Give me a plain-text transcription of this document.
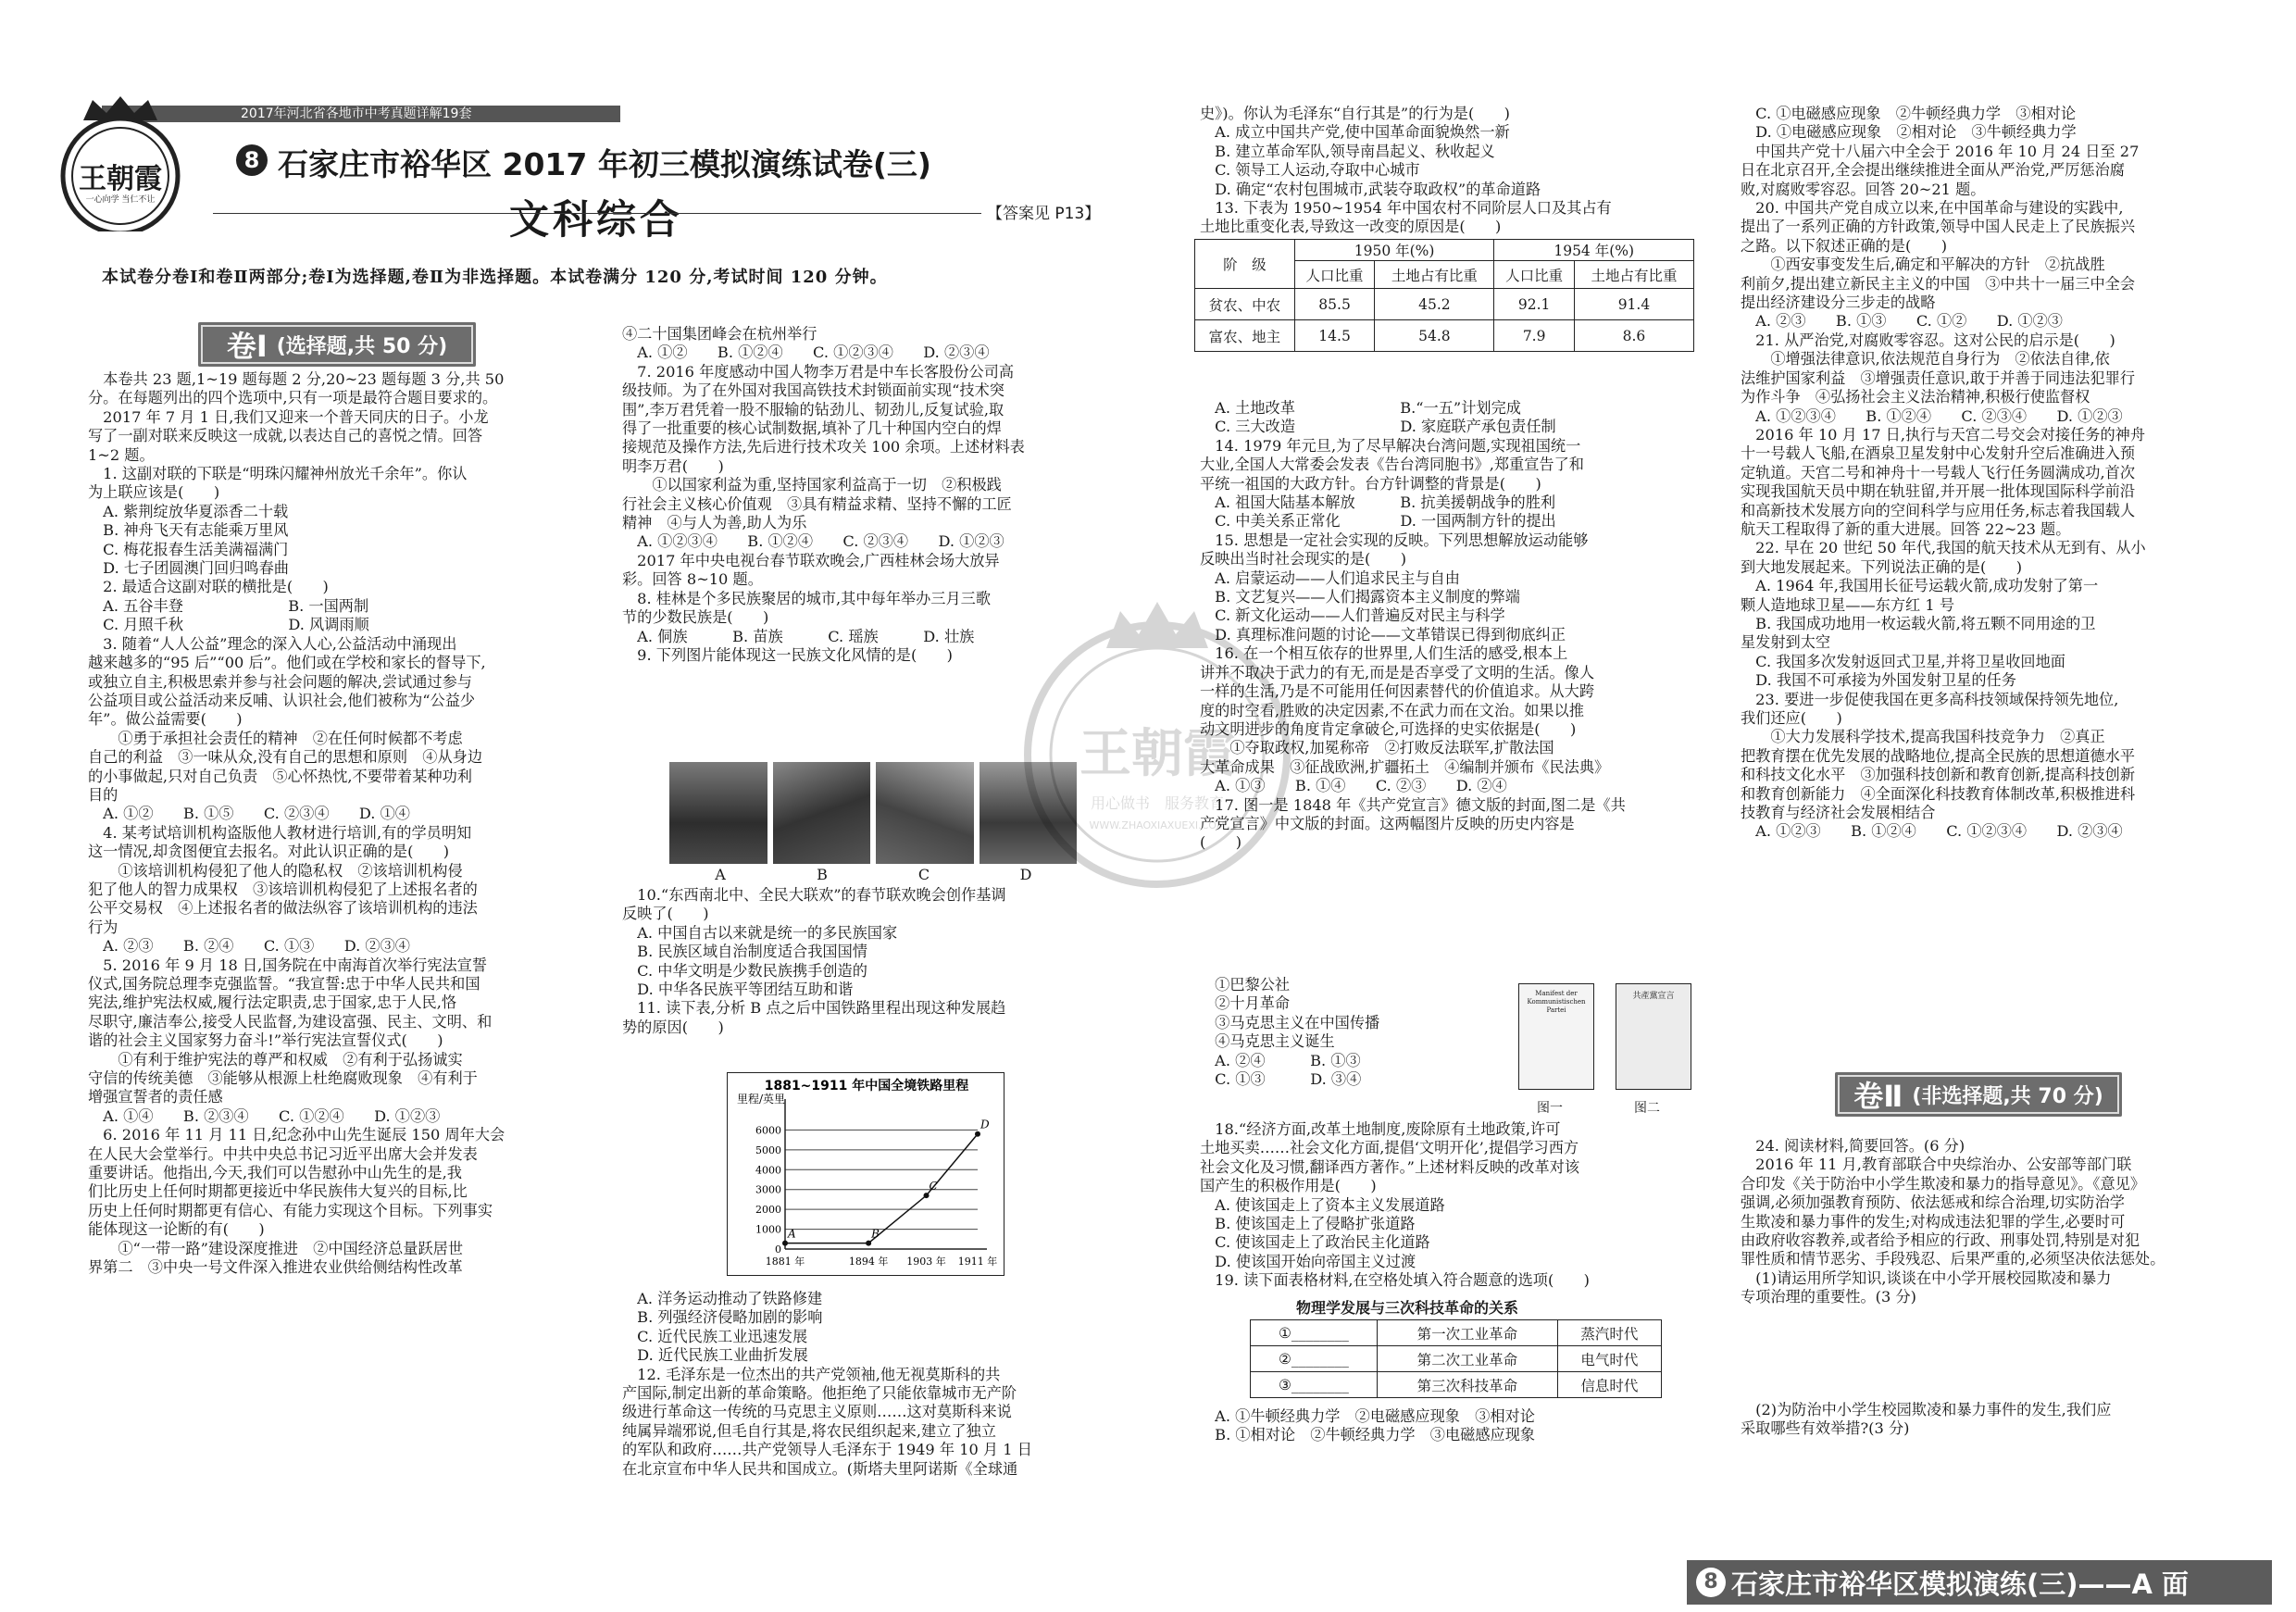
2017年河北省各地市中考真题详解19套
王朝霞
一心向学 当仁不让
8 石家庄市裕华区 2017 年初三模拟演练试卷(三)
文科综合	【答案见 P13】
本试卷分卷Ⅰ和卷Ⅱ两部分;卷Ⅰ为选择题,卷Ⅱ为非选择题。本试卷满分 120 分,考试时间 120 分钟。
卷Ⅰ (选择题,共 50 分)

　本卷共 23 题,1~19 题每题 2 分,20~23 题每题 3 分,共 50

分。在每题列出的四个选项中,只有一项是最符合题目要求的。

　2017 年 7 月 1 日,我们又迎来一个普天同庆的日子。小龙

写了一副对联来反映这一成就,以表达自己的喜悦之情。回答

1~2 题。

　1. 这副对联的下联是“明珠闪耀神州放光千余年”。你认

为上联应该是(　　)

　A. 紫荆绽放华夏添香二十载

　B. 神舟飞天有志能乘万里风

　C. 梅花报春生活美满福满门

　D. 七子团圆澳门回归鸣春曲

　2. 最适合这副对联的横批是(　　)

　A. 五谷丰登　　　　　　　B. 一国两制

　C. 月照千秋　　　　　　　D. 风调雨顺

　3. 随着“人人公益”理念的深入人心,公益活动中涌现出

越来越多的“95 后”“00 后”。他们或在学校和家长的督导下,

或独立自主,积极思索并参与社会问题的解决,尝试通过参与

公益项目或公益活动来反哺、认识社会,他们被称为“公益少

年”。做公益需要(　　)

　　①勇于承担社会责任的精神　②在任何时候都不考虑

自己的利益　③一味从众,没有自己的思想和原则　④从身边

的小事做起,只对自己负责　⑤心怀热忱,不要带着某种功利

目的

　A. ①②　　B. ①⑤　　C. ②③④　　D. ①④

　4. 某考试培训机构盗版他人教材进行培训,有的学员明知

这一情况,却贪图便宜去报名。对此认识正确的是(　　)

　　①该培训机构侵犯了他人的隐私权　②该培训机构侵

犯了他人的智力成果权　③该培训机构侵犯了上述报名者的

公平交易权　④上述报名者的做法纵容了该培训机构的违法

行为

　A. ②③　　B. ②④　　C. ①③　　D. ②③④

　5. 2016 年 9 月 18 日,国务院在中南海首次举行宪法宣誓

仪式,国务院总理李克强监誓。“我宣誓:忠于中华人民共和国

宪法,维护宪法权威,履行法定职责,忠于国家,忠于人民,恪

尽职守,廉洁奉公,接受人民监督,为建设富强、民主、文明、和

谐的社会主义国家努力奋斗!”举行宪法宣誓仪式(　　)

　　①有利于维护宪法的尊严和权威　②有利于弘扬诚实

守信的传统美德　③能够从根源上杜绝腐败现象　④有利于

增强宣誓者的责任感

　A. ①④　　B. ②③④　　C. ①②④　　D. ①②③

　6. 2016 年 11 月 11 日,纪念孙中山先生诞辰 150 周年大会

在人民大会堂举行。中共中央总书记习近平出席大会并发表

重要讲话。他指出,今天,我们可以告慰孙中山先生的是,我

们比历史上任何时期都更接近中华民族伟大复兴的目标,比

历史上任何时期都更有信心、有能力实现这个目标。下列事实

能体现这一论断的有(　　)

　　①“一带一路”建设深度推进　②中国经济总量跃居世

界第二　③中央一号文件深入推进农业供给侧结构性改革

④二十国集团峰会在杭州举行

　A. ①②　　B. ①②④　　C. ①②③④　　D. ②③④

　7. 2016 年度感动中国人物李万君是中车长客股份公司高

级技师。为了在外国对我国高铁技术封锁面前实现“技术突

围”,李万君凭着一股不服输的钻劲儿、韧劲儿,反复试验,取

得了一批重要的核心试制数据,填补了几十种国内空白的焊

接规范及操作方法,先后进行技术攻关 100 余项。上述材料表

明李万君(　　)

　　①以国家利益为重,坚持国家利益高于一切　②积极践

行社会主义核心价值观　③具有精益求精、坚持不懈的工匠

精神　④与人为善,助人为乐

　A. ①②③④　　B. ①②④　　C. ②③④　　D. ①②③

　2017 年中央电视台春节联欢晚会,广西桂林会场大放异

彩。回答 8~10 题。

　8. 桂林是个多民族聚居的城市,其中每年举办三月三歌

节的少数民族是(　　)

　A. 侗族　　　B. 苗族　　　C. 瑶族　　　D. 壮族

　9. 下列图片能体现这一民族文化风情的是(　　)

A	B	C	D

　10.“东西南北中、全民大联欢”的春节联欢晚会创作基调

反映了(　　)

　A. 中国自古以来就是统一的多民族国家

　B. 民族区域自治制度适合我国国情

　C. 中华文明是少数民族携手创造的

　D. 中华各民族平等团结互助和谐

　11. 读下表,分析 B 点之后中国铁路里程出现这种发展趋

势的原因(　　)

1881~1911 年中国全境铁路里程
里程/英里
1000
2000
3000
4000
5000
6000
0
1881 年	1894 年 1903 年 1911 年
A	B
C
D

　A. 洋务运动推动了铁路修建

　B. 列强经济侵略加剧的影响

　C. 近代民族工业迅速发展

　D. 近代民族工业曲折发展

　12. 毛泽东是一位杰出的共产党领袖,他无视莫斯科的共

产国际,制定出新的革命策略。他拒绝了只能依靠城市无产阶

级进行革命这一传统的马克思主义原则……这对莫斯科来说

纯属异端邪说,但毛自行其是,将农民组织起来,建立了独立

的军队和政府……共产党领导人毛泽东于 1949 年 10 月 1 日

在北京宣布中华人民共和国成立。(斯塔夫里阿诺斯《全球通

史》)。你认为毛泽东“自行其是”的行为是(　　)

　A. 成立中国共产党,使中国革命面貌焕然一新

　B. 建立革命军队,领导南昌起义、秋收起义

　C. 领导工人运动,夺取中心城市

　D. 确定“农村包围城市,武装夺取政权”的革命道路

　13. 下表为 1950~1954 年中国农村不同阶层人口及其占有

土地比重变化表,导致这一改变的原因是(　　)

阶　级	1950 年(%)		1954 年(%)	
	人口比重	土地占有比重	人口比重	土地占有比重
贫农、中农	85.5	45.2	92.1	91.4
富农、地主	14.5	54.8	7.9	8.6

　A. 土地改革　　　　　　　B.“一五”计划完成

　C. 三大改造　　　　　　　D. 家庭联产承包责任制

　14. 1979 年元旦,为了尽早解决台湾问题,实现祖国统一

大业,全国人大常委会发表《告台湾同胞书》,郑重宣告了和

平统一祖国的大政方针。台方针调整的背景是(　　)

　A. 祖国大陆基本解放　　　B. 抗美援朝战争的胜利

　C. 中美关系正常化　　　　D. 一国两制方针的提出

　15. 思想是一定社会实现的反映。下列思想解放运动能够

反映出当时社会现实的是(　　)

　A. 启蒙运动——人们追求民主与自由

　B. 文艺复兴——人们揭露资本主义制度的弊端

　C. 新文化运动——人们普遍反对民主与科学

　D. 真理标准问题的讨论——文革错误已得到彻底纠正

　16. 在一个相互依存的世界里,人们生活的感受,根本上

讲并不取决于武力的有无,而是是否享受了文明的生活。像人

一样的生活,乃是不可能用任何因素替代的价值追求。从大跨

度的时空看,胜败的决定因素,不在武力而在文治。如果以推

动文明进步的角度肯定拿破仑,可选择的史实依据是(　　)

　　①夺取政权,加冕称帝　②打败反法联军,扩散法国

大革命成果　③征战欧洲,扩疆拓土　④编制并颁布《民法典》

　A. ①③　　B. ①④　　C. ②③　　D. ②④

　17. 图一是 1848 年《共产党宣言》德文版的封面,图二是《共

产党宣言》中文版的封面。这两幅图片反映的历史内容是

(　　)

　①巴黎公社

　②十月革命

　③马克思主义在中国传播

　④马克思主义诞生

　A. ②④　　　B. ①③

　C. ①③　　　D. ③④

Manifest der Kommunistischen Partei
共產黨宣言
图一	图二

　18.“经济方面,改革土地制度,废除原有土地政策,许可

土地买卖……社会文化方面,提倡‘文明开化’,提倡学习西方

社会文化及习惯,翻译西方著作。”上述材料反映的改革对该

国产生的积极作用是(　　)

　A. 使该国走上了资本主义发展道路

　B. 使该国走上了侵略扩张道路

　C. 使该国走上了政治民主化道路

　D. 使该国开始向帝国主义过渡

　19. 读下面表格材料,在空格处填入符合题意的选项(　　)

物理学发展与三次科技革命的关系
①________	第一次工业革命	蒸汽时代
②________	第二次工业革命	电气时代
③________	第三次科技革命	信息时代

　A. ①牛顿经典力学　②电磁感应现象　③相对论

　B. ①相对论　②牛顿经典力学　③电磁感应现象

　C. ①电磁感应现象　②牛顿经典力学　③相对论

　D. ①电磁感应现象　②相对论　③牛顿经典力学

　中国共产党十八届六中全会于 2016 年 10 月 24 日至 27

日在北京召开,全会提出继续推进全面从严治党,严厉惩治腐

败,对腐败零容忍。回答 20~21 题。

　20. 中国共产党自成立以来,在中国革命与建设的实践中,

提出了一系列正确的方针政策,领导中国人民走上了民族振兴

之路。以下叙述正确的是(　　)

　　①西安事变发生后,确定和平解决的方针　②抗战胜

利前夕,提出建立新民主主义的中国　③中共十一届三中全会

提出经济建设分三步走的战略

　A. ②③　　B. ①③　　C. ①②　　D. ①②③

　21. 从严治党,对腐败零容忍。这对公民的启示是(　　)

　　①增强法律意识,依法规范自身行为　②依法自律,依

法维护国家利益　③增强责任意识,敢于并善于同违法犯罪行

为作斗争　④弘扬社会主义法治精神,积极行使监督权

　A. ①②③④　　B. ①②④　　C. ②③④　　D. ①②③

　2016 年 10 月 17 日,执行与天宫二号交会对接任务的神舟

十一号载人飞船,在酒泉卫星发射中心发射升空后准确进入预

定轨道。天宫二号和神舟十一号载人飞行任务圆满成功,首次

实现我国航天员中期在轨驻留,并开展一批体现国际科学前沿

和高新技术发展方向的空间科学与应用任务,标志着我国载人

航天工程取得了新的重大进展。回答 22~23 题。

　22. 早在 20 世纪 50 年代,我国的航天技术从无到有、从小

到大地发展起来。下列说法正确的是(　　)

　A. 1964 年,我国用长征号运载火箭,成功发射了第一

颗人造地球卫星——东方红 1 号

　B. 我国成功地用一枚运载火箭,将五颗不同用途的卫

星发射到太空

　C. 我国多次发射返回式卫星,并将卫星收回地面

　D. 我国不可承接为外国发射卫星的任务

　23. 要进一步促使我国在更多高科技领域保持领先地位,

我们还应(　　)

　　①大力发展科学技术,提高我国科技竞争力　②真正

把教育摆在优先发展的战略地位,提高全民族的思想道德水平

和科技文化水平　③加强科技创新和教育创新,提高科技创新

和教育创新能力　④全面深化科技教育体制改革,积极推进科

技教育与经济社会发展相结合

　A. ①②③　　B. ①②④　　C. ①②③④　　D. ②③④

卷Ⅱ (非选择题,共 70 分)

　24. 阅读材料,简要回答。(6 分)

　2016 年 11 月,教育部联合中央综治办、公安部等部门联

合印发《关于防治中小学生欺凌和暴力的指导意见》。《意见》

强调,必须加强教育预防、依法惩戒和综合治理,切实防治学

生欺凌和暴力事件的发生;对构成违法犯罪的学生,必要时可

由政府收容教养,或者给予相应的行政、刑事处罚,特别是对犯

罪性质和情节恶劣、手段残忍、后果严重的,必须坚决依法惩处。

　(1)请运用所学知识,谈谈在中小学开展校园欺凌和暴力

专项治理的重要性。(3 分)

　(2)为防治中小学生校园欺凌和暴力事件的发生,我们应

采取哪些有效举措?(3 分)

王朝霞
用心做书　服务教育
WWW.ZHAOXIAXUEXI.COM
8 石家庄市裕华区模拟演练(三)——A 面
